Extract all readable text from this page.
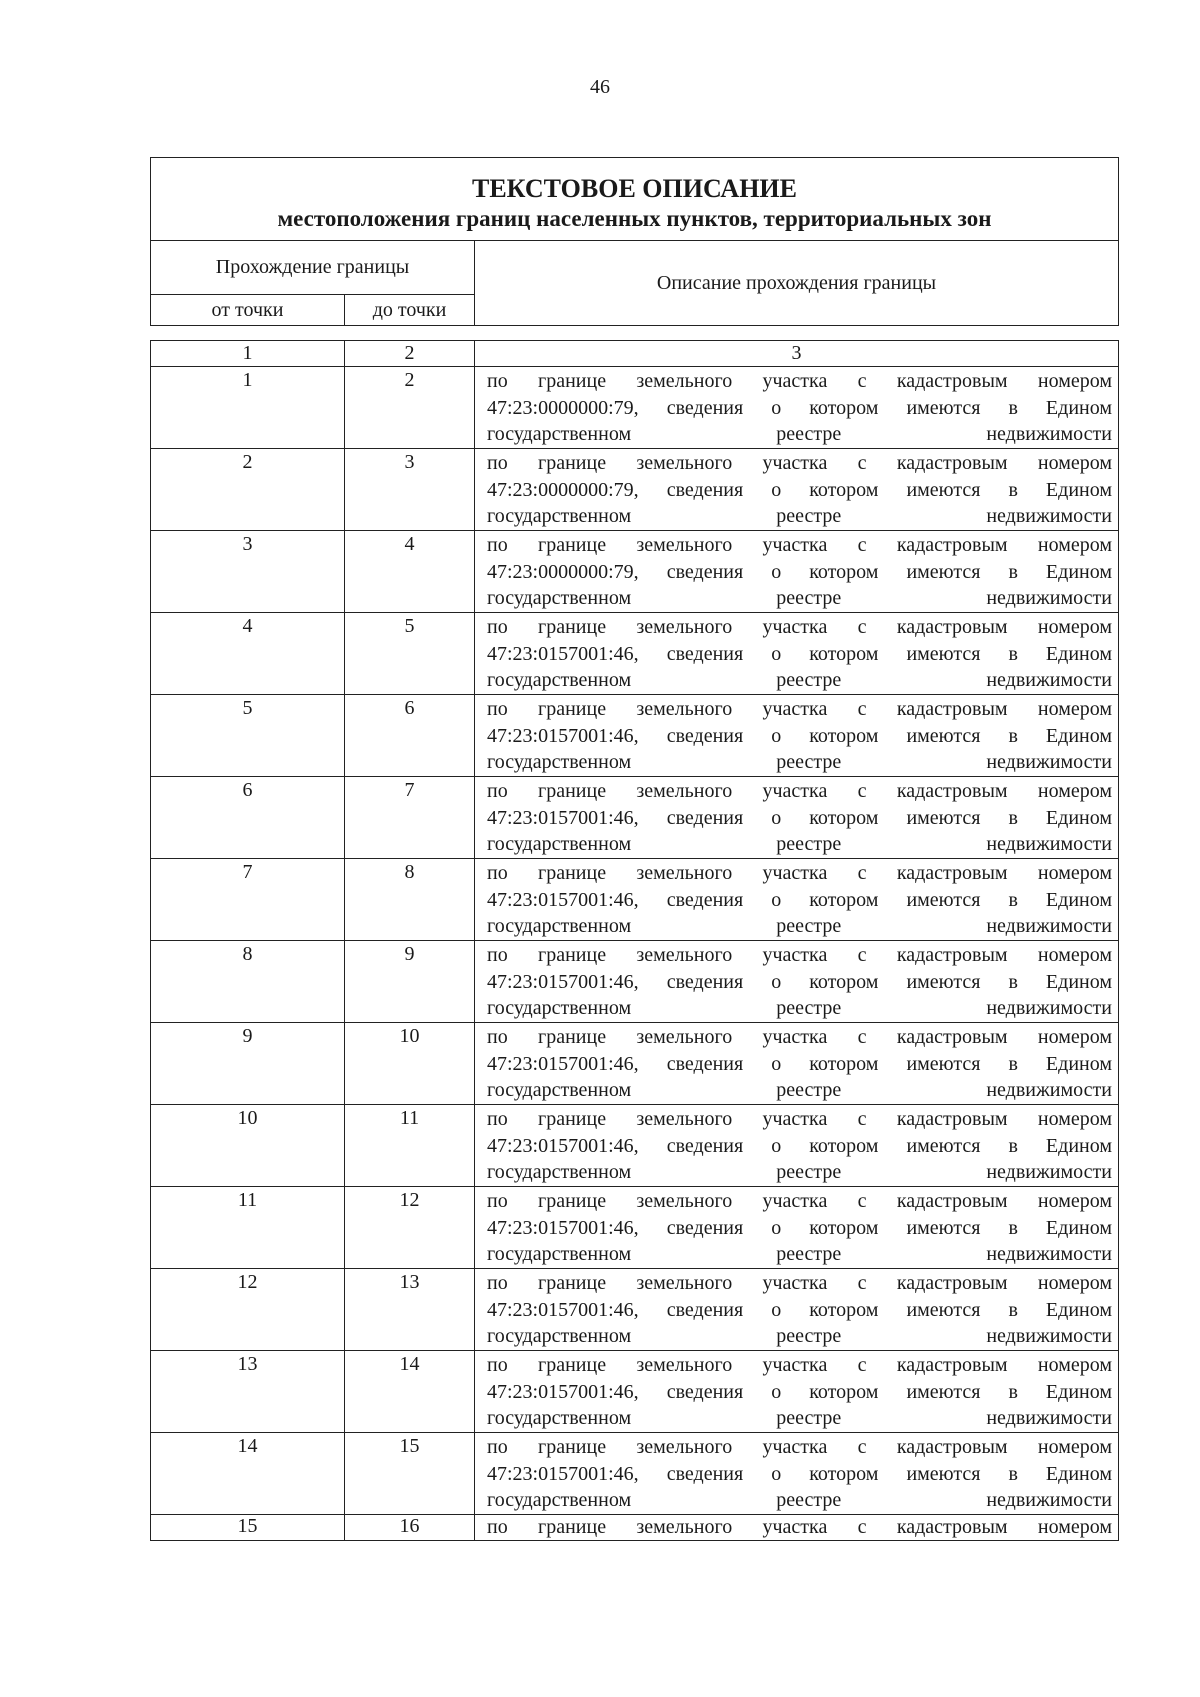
46
ТЕКСТОВОЕ ОПИСАНИЕ
местоположения границ населенных пунктов, территориальных зон		

Прохождение границы		Описание прохождения границы
от точки	до точки	
1	2	3
1	2	по границе земельного участка с кадастровым номером 47:23:0000000:79, сведения о котором имеются в Едином государственном реестре недвижимости
2	3	по границе земельного участка с кадастровым номером 47:23:0000000:79, сведения о котором имеются в Едином государственном реестре недвижимости
3	4	по границе земельного участка с кадастровым номером 47:23:0000000:79, сведения о котором имеются в Едином государственном реестре недвижимости
4	5	по границе земельного участка с кадастровым номером 47:23:0157001:46, сведения о котором имеются в Едином государственном реестре недвижимости
5	6	по границе земельного участка с кадастровым номером 47:23:0157001:46, сведения о котором имеются в Едином государственном реестре недвижимости
6	7	по границе земельного участка с кадастровым номером 47:23:0157001:46, сведения о котором имеются в Едином государственном реестре недвижимости
7	8	по границе земельного участка с кадастровым номером 47:23:0157001:46, сведения о котором имеются в Едином государственном реестре недвижимости
8	9	по границе земельного участка с кадастровым номером 47:23:0157001:46, сведения о котором имеются в Едином государственном реестре недвижимости
9	10	по границе земельного участка с кадастровым номером 47:23:0157001:46, сведения о котором имеются в Едином государственном реестре недвижимости
10	11	по границе земельного участка с кадастровым номером 47:23:0157001:46, сведения о котором имеются в Едином государственном реестре недвижимости
11	12	по границе земельного участка с кадастровым номером 47:23:0157001:46, сведения о котором имеются в Едином государственном реестре недвижимости
12	13	по границе земельного участка с кадастровым номером 47:23:0157001:46, сведения о котором имеются в Едином государственном реестре недвижимости
13	14	по границе земельного участка с кадастровым номером 47:23:0157001:46, сведения о котором имеются в Едином государственном реестре недвижимости
14	15	по границе земельного участка с кадастровым номером 47:23:0157001:46, сведения о котором имеются в Едином государственном реестре недвижимости
15	16	по границе земельного участка с кадастровым номером
